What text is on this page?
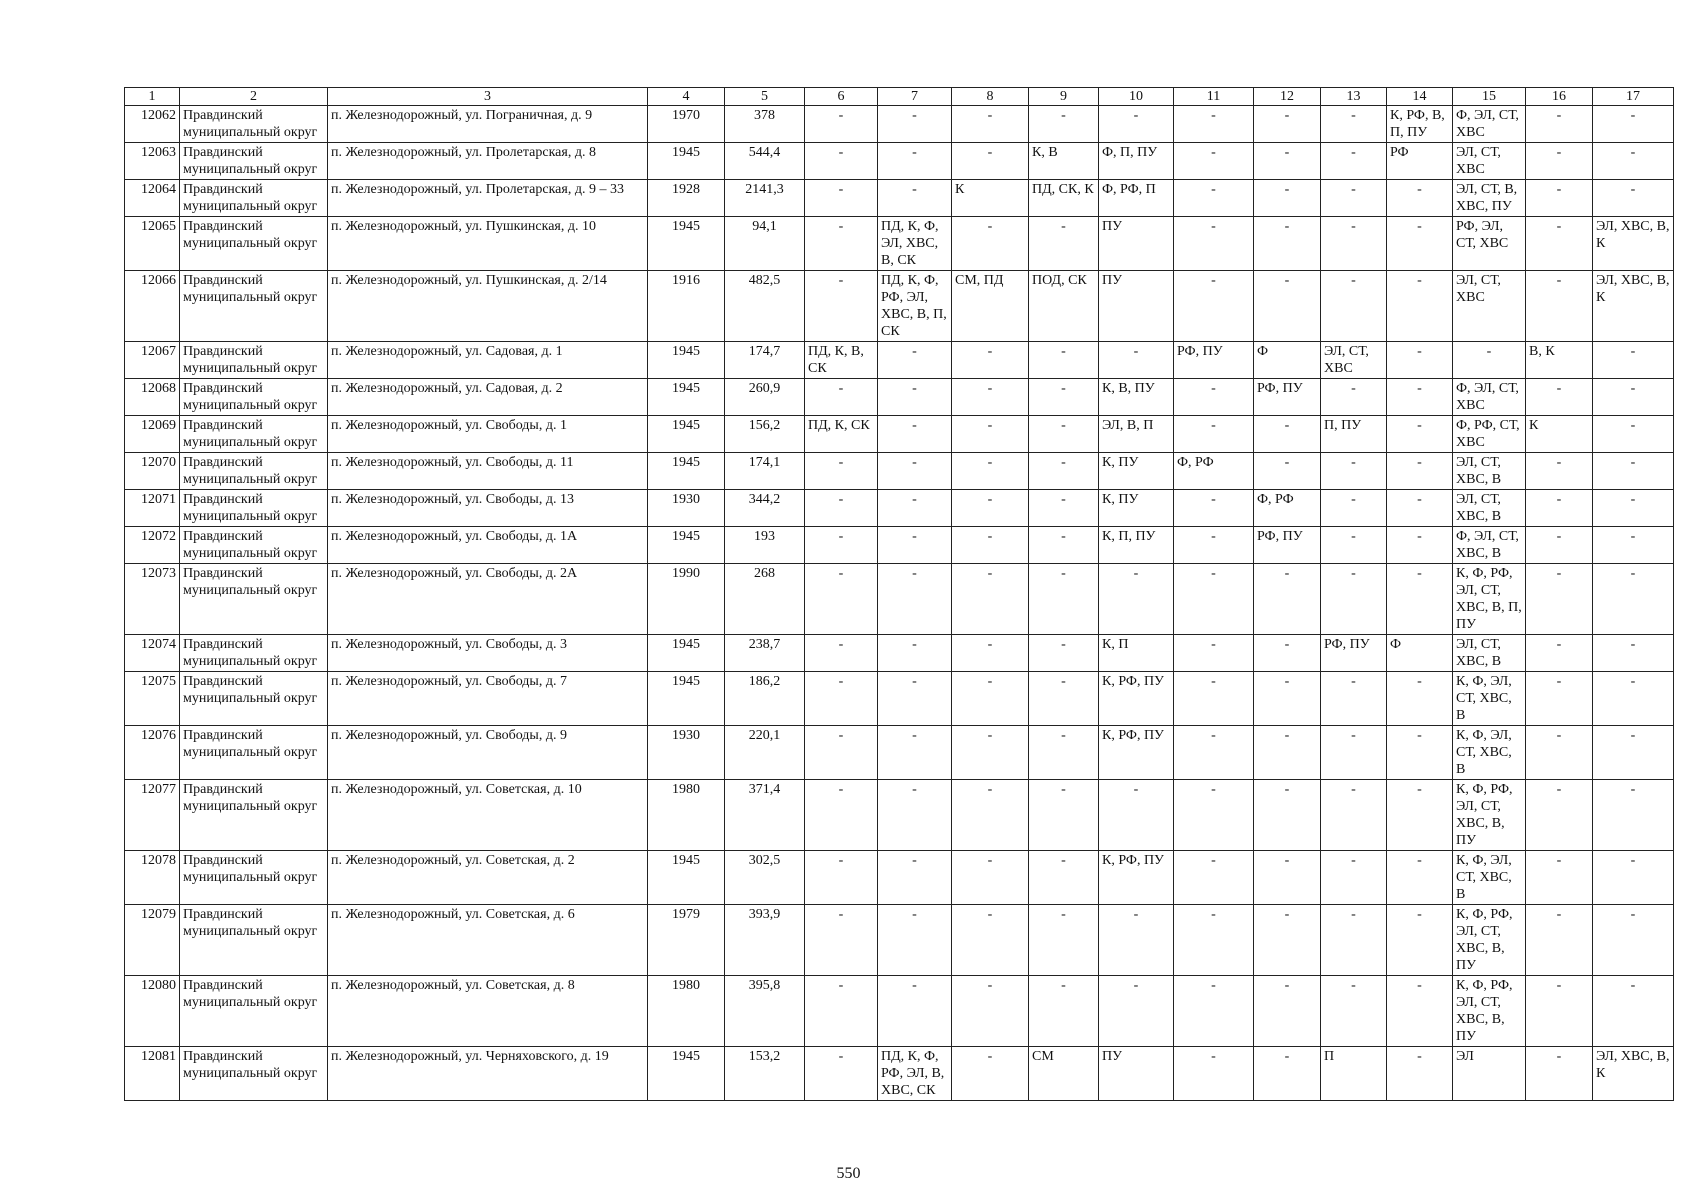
1	2	3	4	5	6	7	8	9	10	11	12	13	14	15	16	17
12062	Правдинский муниципальный округ	п. Железнодорожный, ул. Пограничная, д. 9	1970	378	-	-	-	-	-	-	-	-	К, РФ, В, П, ПУ	Ф, ЭЛ, СТ, ХВС	-	-
12063	Правдинский муниципальный округ	п. Железнодорожный, ул. Пролетарская, д. 8	1945	544,4	-	-	-	К, В	Ф, П, ПУ	-	-	-	РФ	ЭЛ, СТ, ХВС	-	-
12064	Правдинский муниципальный округ	п. Железнодорожный, ул. Пролетарская, д. 9 – 33	1928	2141,3	-	-	К	ПД, СК, К	Ф, РФ, П	-	-	-	-	ЭЛ, СТ, В, ХВС, ПУ	-	-
12065	Правдинский муниципальный округ	п. Железнодорожный, ул. Пушкинская, д. 10	1945	94,1	-	ПД, К, Ф, ЭЛ, ХВС, В, СК	-	-	ПУ	-	-	-	-	РФ, ЭЛ, СТ, ХВС	-	ЭЛ, ХВС, В, К
12066	Правдинский муниципальный округ	п. Железнодорожный, ул. Пушкинская, д. 2/14	1916	482,5	-	ПД, К, Ф, РФ, ЭЛ, ХВС, В, П, СК	СМ, ПД	ПОД, СК	ПУ	-	-	-	-	ЭЛ, СТ, ХВС	-	ЭЛ, ХВС, В, К
12067	Правдинский муниципальный округ	п. Железнодорожный, ул. Садовая, д. 1	1945	174,7	ПД, К, В, СК	-	-	-	-	РФ, ПУ	Ф	ЭЛ, СТ, ХВС	-	-	В, К	-
12068	Правдинский муниципальный округ	п. Железнодорожный, ул. Садовая, д. 2	1945	260,9	-	-	-	-	К, В, ПУ	-	РФ, ПУ	-	-	Ф, ЭЛ, СТ, ХВС	-	-
12069	Правдинский муниципальный округ	п. Железнодорожный, ул. Свободы, д. 1	1945	156,2	ПД, К, СК	-	-	-	ЭЛ, В, П	-	-	П, ПУ	-	Ф, РФ, СТ, ХВС	К	-
12070	Правдинский муниципальный округ	п. Железнодорожный, ул. Свободы, д. 11	1945	174,1	-	-	-	-	К, ПУ	Ф, РФ	-	-	-	ЭЛ, СТ, ХВС, В	-	-
12071	Правдинский муниципальный округ	п. Железнодорожный, ул. Свободы, д. 13	1930	344,2	-	-	-	-	К, ПУ	-	Ф, РФ	-	-	ЭЛ, СТ, ХВС, В	-	-
12072	Правдинский муниципальный округ	п. Железнодорожный, ул. Свободы, д. 1А	1945	193	-	-	-	-	К, П, ПУ	-	РФ, ПУ	-	-	Ф, ЭЛ, СТ, ХВС, В	-	-
12073	Правдинский муниципальный округ	п. Железнодорожный, ул. Свободы, д. 2А	1990	268	-	-	-	-	-	-	-	-	-	К, Ф, РФ, ЭЛ, СТ, ХВС, В, П, ПУ	-	-
12074	Правдинский муниципальный округ	п. Железнодорожный, ул. Свободы, д. 3	1945	238,7	-	-	-	-	К, П	-	-	РФ, ПУ	Ф	ЭЛ, СТ, ХВС, В	-	-
12075	Правдинский муниципальный округ	п. Железнодорожный, ул. Свободы, д. 7	1945	186,2	-	-	-	-	К, РФ, ПУ	-	-	-	-	К, Ф, ЭЛ, СТ, ХВС, В	-	-
12076	Правдинский муниципальный округ	п. Железнодорожный, ул. Свободы, д. 9	1930	220,1	-	-	-	-	К, РФ, ПУ	-	-	-	-	К, Ф, ЭЛ, СТ, ХВС, В	-	-
12077	Правдинский муниципальный округ	п. Железнодорожный, ул. Советская, д. 10	1980	371,4	-	-	-	-	-	-	-	-	-	К, Ф, РФ, ЭЛ, СТ, ХВС, В, ПУ	-	-
12078	Правдинский муниципальный округ	п. Железнодорожный, ул. Советская, д. 2	1945	302,5	-	-	-	-	К, РФ, ПУ	-	-	-	-	К, Ф, ЭЛ, СТ, ХВС, В	-	-
12079	Правдинский муниципальный округ	п. Железнодорожный, ул. Советская, д. 6	1979	393,9	-	-	-	-	-	-	-	-	-	К, Ф, РФ, ЭЛ, СТ, ХВС, В, ПУ	-	-
12080	Правдинский муниципальный округ	п. Железнодорожный, ул. Советская, д. 8	1980	395,8	-	-	-	-	-	-	-	-	-	К, Ф, РФ, ЭЛ, СТ, ХВС, В, ПУ	-	-
12081	Правдинский муниципальный округ	п. Железнодорожный, ул. Черняховского, д. 19	1945	153,2	-	ПД, К, Ф, РФ, ЭЛ, В, ХВС, СК	-	СМ	ПУ	-	-	П	-	ЭЛ	-	ЭЛ, ХВС, В, К
550
